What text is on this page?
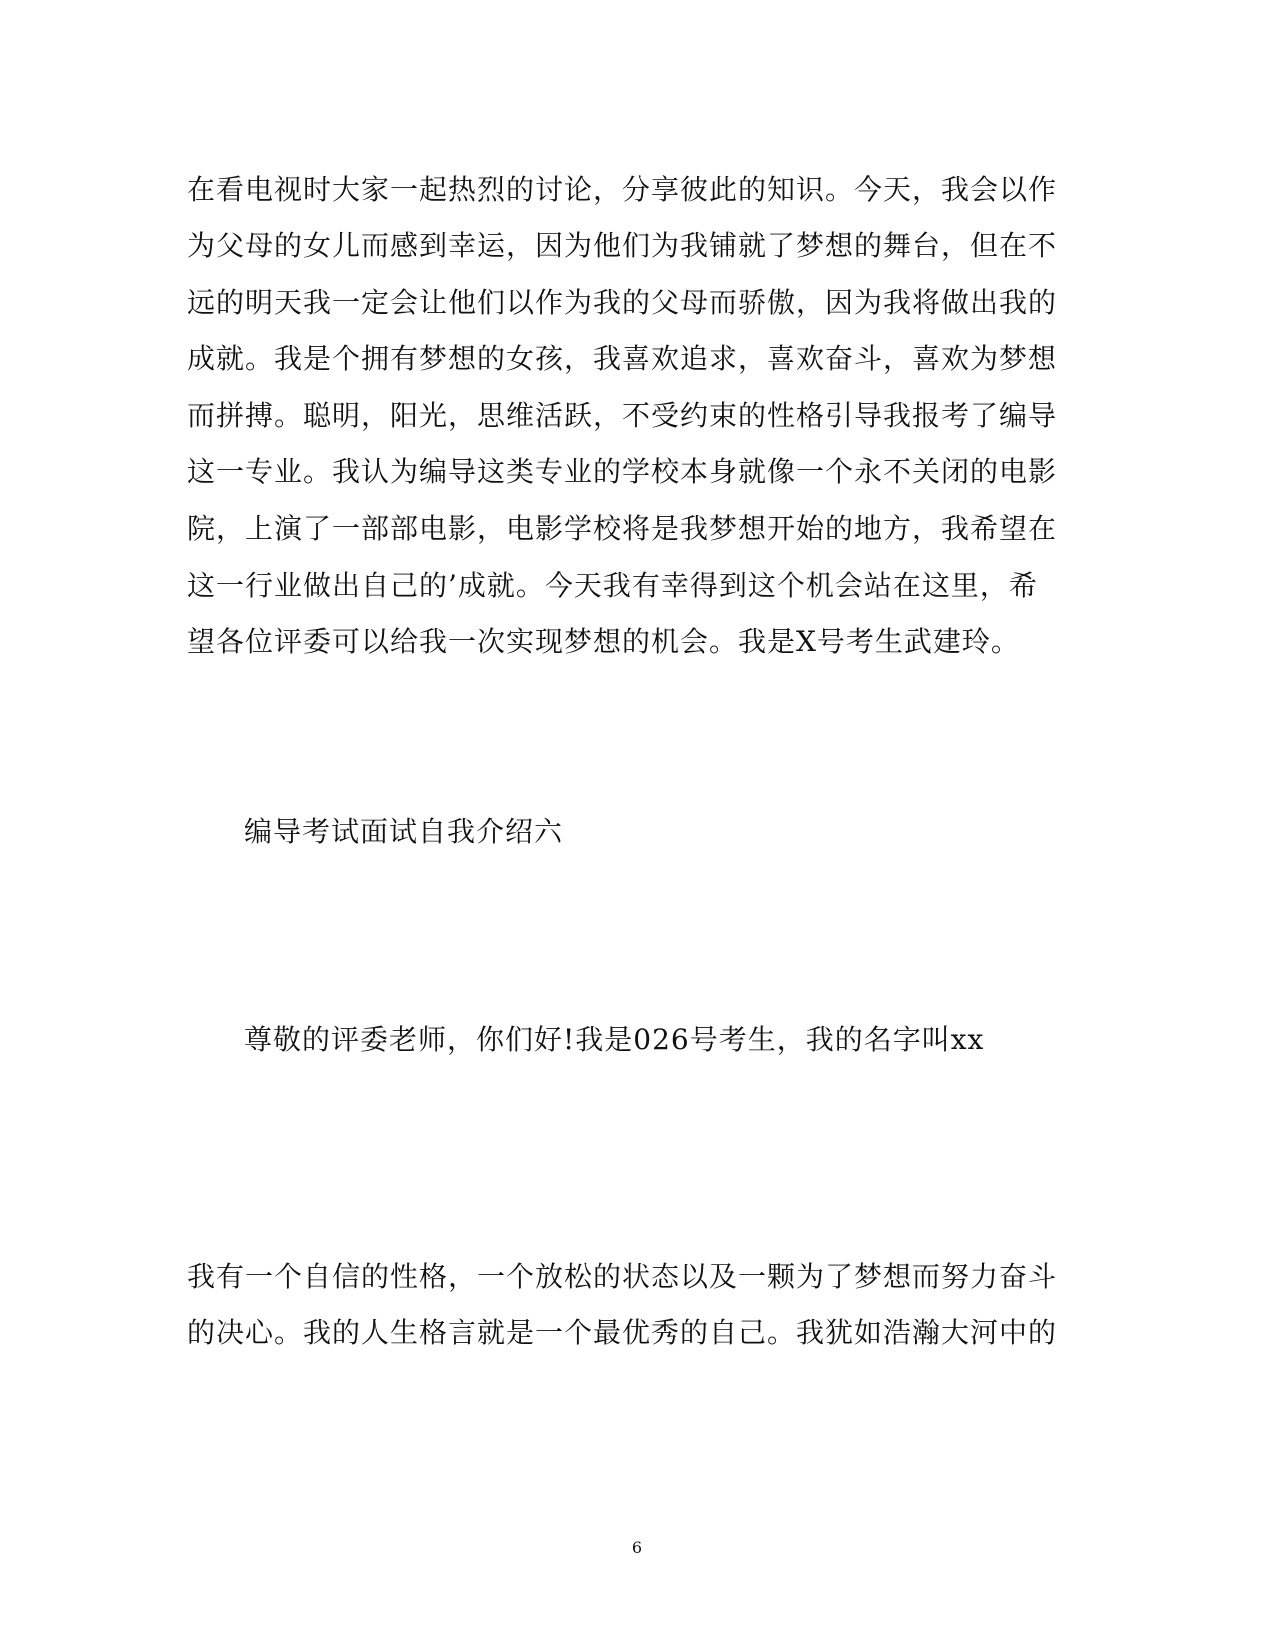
在看电视时大家一起热烈的讨论，分享彼此的知识。今天，我会以作
为父母的女儿而感到幸运，因为他们为我铺就了梦想的舞台，但在不
远的明天我一定会让他们以作为我的父母而骄傲，因为我将做出我的
成就。我是个拥有梦想的女孩，我喜欢追求，喜欢奋斗，喜欢为梦想
而拼搏。聪明，阳光，思维活跃，不受约束的性格引导我报考了编导
这一专业。我认为编导这类专业的学校本身就像一个永不关闭的电影
院，上演了一部部电影，电影学校将是我梦想开始的地方，我希望在
这一行业做出自己的’成就。今天我有幸得到这个机会站在这里，希
望各位评委可以给我一次实现梦想的机会。我是X号考生武建玲。
编导考试面试自我介绍六
尊敬的评委老师，你们好!我是026号考生，我的名字叫xx
我有一个自信的性格，一个放松的状态以及一颗为了梦想而努力奋斗
的决心。我的人生格言就是一个最优秀的自己。我犹如浩瀚大河中的
6
